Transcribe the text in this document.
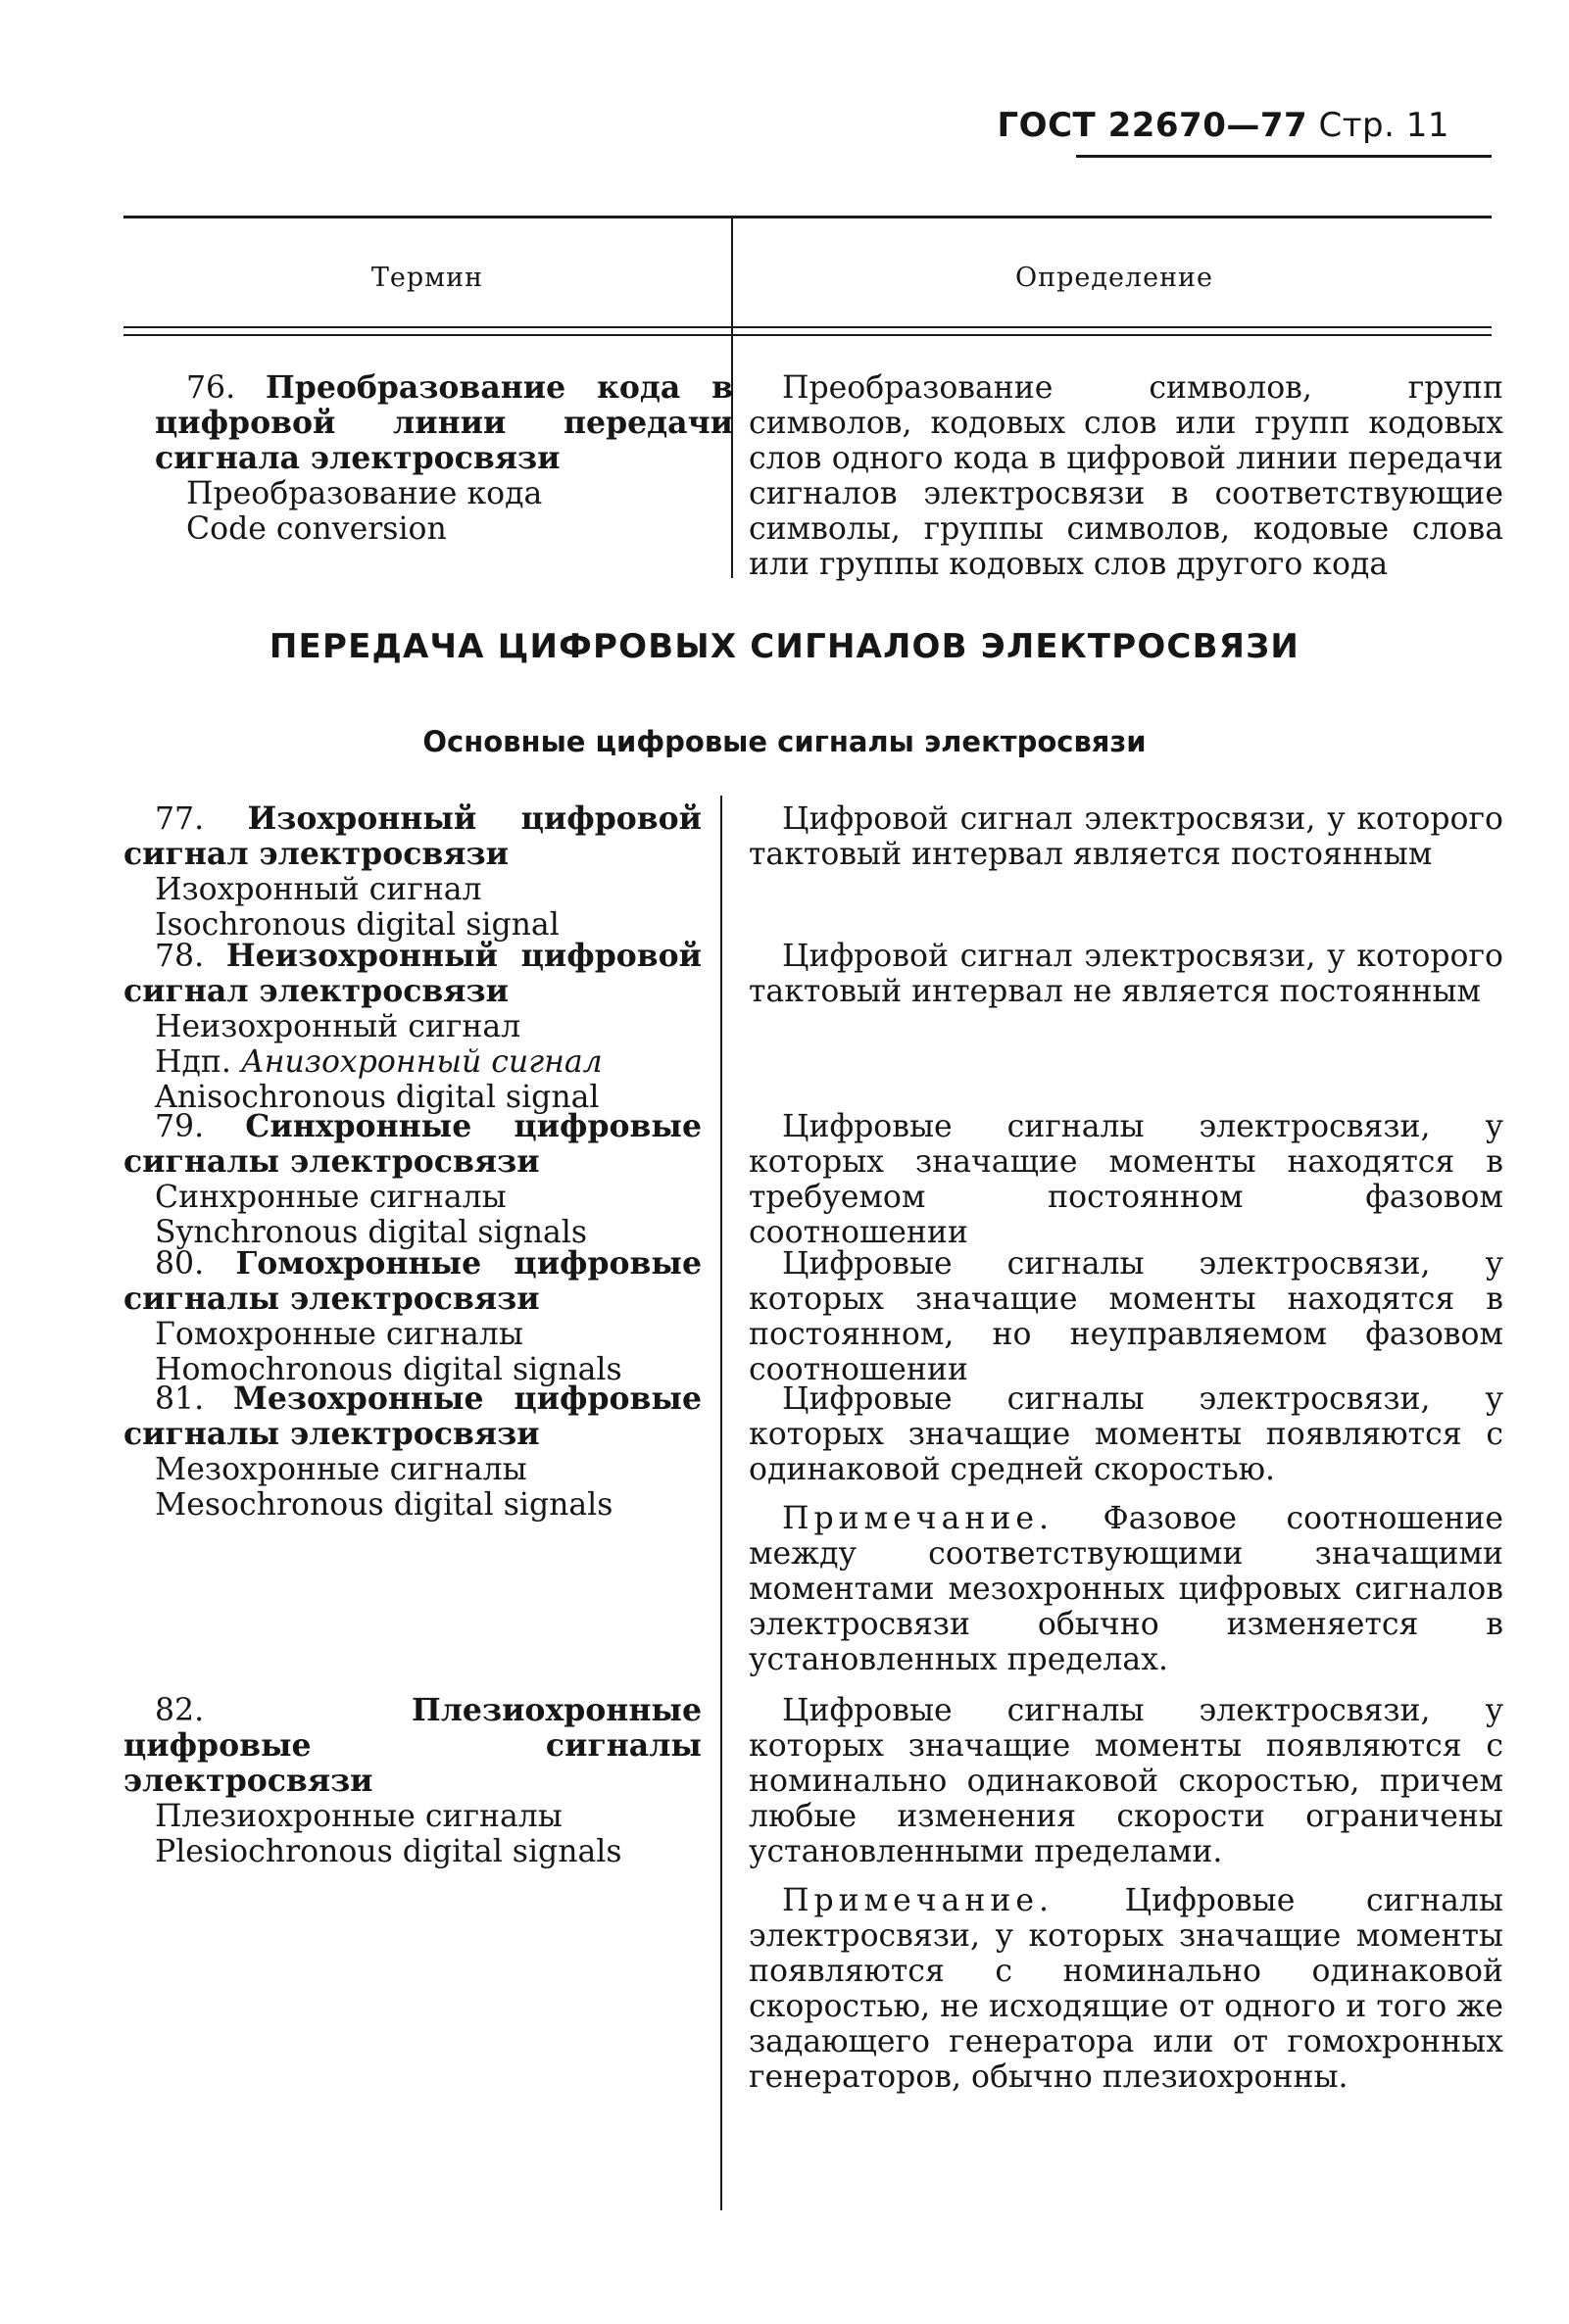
ГОСТ 22670—77 Стр. 11
Термин	Определение
76. Преобразование кода в цифровой линии передачи сигнала электросвязи
Преобразование кода
Code conversion
Преобразование символов, групп символов, кодовых слов или групп кодовых слов одного кода в цифровой линии передачи сигналов электросвязи в соответствующие символы, группы символов, кодовые слова или группы кодовых слов другого кода
ПЕРЕДАЧА ЦИФРОВЫХ СИГНАЛОВ ЭЛЕКТРОСВЯЗИ
Основные цифровые сигналы электросвязи
77. Изохронный цифровой сигнал электросвязи
Изохронный сигнал
Isochronous digital signal
Цифровой сигнал электросвязи, у которого тактовый интервал является постоянным
78. Неизохронный цифровой сигнал электросвязи
Неизохронный сигнал
Ндп. Анизохронный сигнал
Anisochronous digital signal
Цифровой сигнал электросвязи, у которого тактовый интервал не является постоянным
79. Синхронные цифровые сигналы электросвязи
Синхронные сигналы
Synchronous digital signals
Цифровые сигналы электросвязи, у которых значащие моменты находятся в требуемом постоянном фазовом соотношении
80. Гомохронные цифровые сигналы электросвязи
Гомохронные сигналы
Homochronous digital signals
Цифровые сигналы электросвязи, у которых значащие моменты находятся в постоянном, но неуправляемом фазовом соотношении
81. Мезохронные цифровые сигналы электросвязи
Мезохронные сигналы
Mesochronous digital signals
Цифровые сигналы электросвязи, у которых значащие моменты появляются с одинаковой средней скоростью.
Примечание. Фазовое соотношение между соответствующими значащими моментами мезохронных цифровых сигналов электросвязи обычно изменяется в установленных пределах.
82.	Плезиохронные цифровые сигналы электросвязи
Плезиохронные сигналы
Plesiochronous digital signals
Цифровые сигналы электросвязи, у которых значащие моменты появляются с номинально одинаковой скоростью, причем любые изменения скорости ограничены установленными пределами.
Примечание. Цифровые сигналы электросвязи, у которых значащие моменты появляются с номинально одинаковой скоростью, не исходящие от одного и того же задающего генератора или от гомохронных генераторов, обычно плезиохронны.
